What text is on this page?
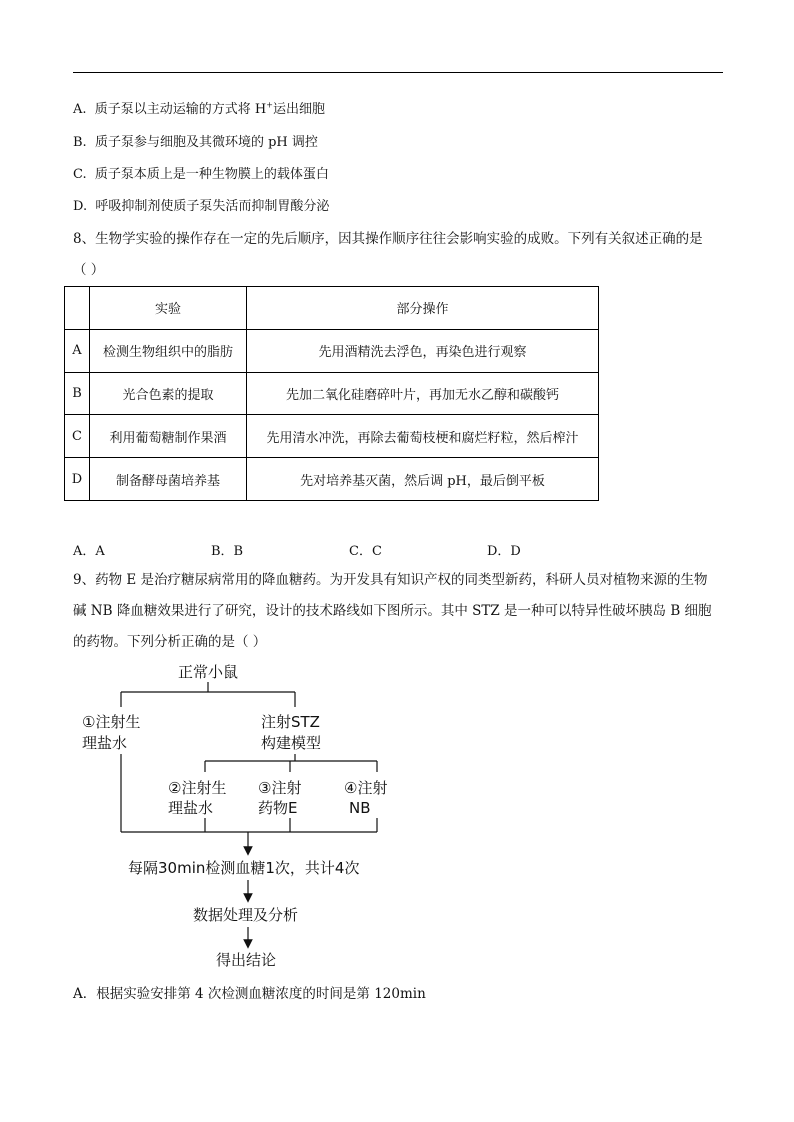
A. 质子泵以主动运输的方式将 H+运出细胞
B. 质子泵参与细胞及其微环境的 pH 调控
C. 质子泵本质上是一种生物膜上的载体蛋白
D. 呼吸抑制剂使质子泵失活而抑制胃酸分泌
8、生物学实验的操作存在一定的先后顺序，因其操作顺序往往会影响实验的成败。下列有关叙述正确的是
（ ）
	实验	部分操作
A	检测生物组织中的脂肪	先用酒精洗去浮色，再染色进行观察
B	光合色素的提取	先加二氧化硅磨碎叶片，再加无水乙醇和碳酸钙
C	利用葡萄糖制作果酒	先用清水冲洗，再除去葡萄枝梗和腐烂籽粒，然后榨汁
D	制备酵母菌培养基	先对培养基灭菌，然后调 pH，最后倒平板
A．A	B．B	C．C	D．D
9、药物 E 是治疗糖尿病常用的降血糖药。为开发具有知识产权的同类型新药，科研人员对植物来源的生物
碱 NB 降血糖效果进行了研究，设计的技术路线如下图所示。其中 STZ 是一种可以特异性破坏胰岛 B 细胞
的药物。下列分析正确的是（ ）
正常小鼠
①注射生
理盐水
注射STZ
构建模型
②注射生
理盐水
③注射
药物E
④注射
NB
每隔30min检测血糖1次，共计4次
数据处理及分析
得出结论
A．根据实验安排第 4 次检测血糖浓度的时间是第 120min
